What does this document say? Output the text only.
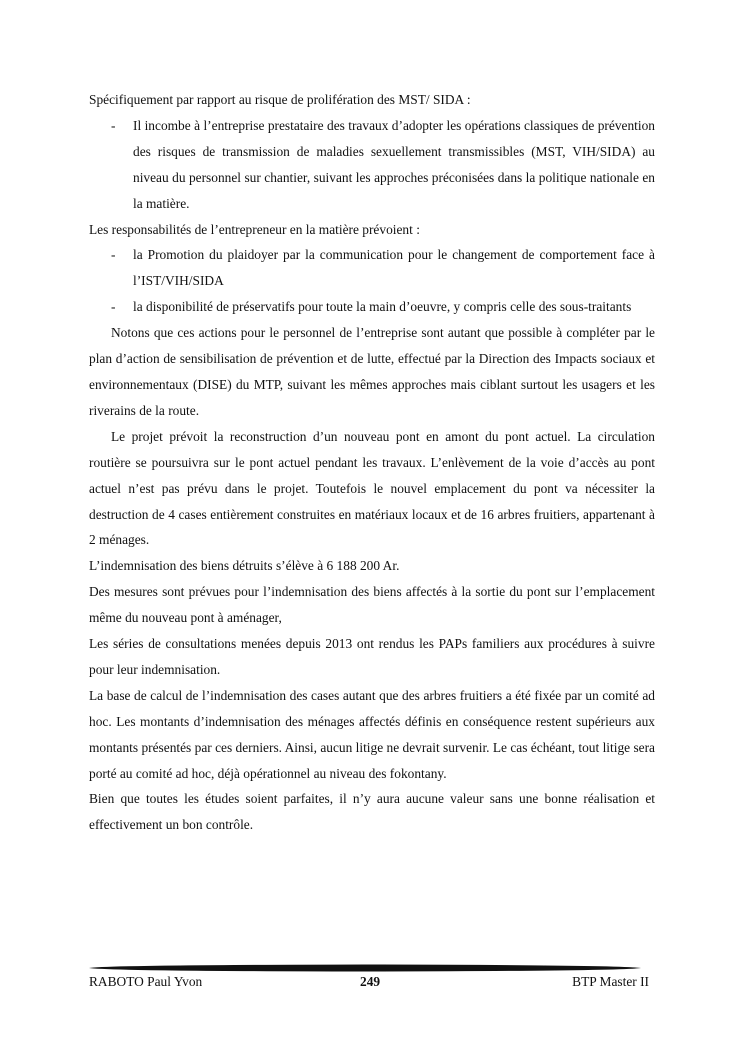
Spécifiquement par rapport au risque de prolifération des MST/ SIDA :

- Il incombe à l’entreprise prestataire des travaux d’adopter les opérations classiques de prévention des risques de transmission de maladies sexuellement transmissibles (MST, VIH/SIDA) au niveau du personnel sur chantier, suivant les approches préconisées dans la politique nationale en la matière.

Les responsabilités de l’entrepreneur en la matière prévoient :

- la Promotion du plaidoyer par la communication pour le changement de comportement face à l’IST/VIH/SIDA
- la disponibilité de préservatifs pour toute la main d’oeuvre, y compris celle des sous-traitants

Notons que ces actions pour le personnel de l’entreprise sont autant que possible à compléter par le plan d’action de sensibilisation de prévention et de lutte, effectué par la Direction des Impacts sociaux et environnementaux (DISE) du MTP, suivant les mêmes approches mais ciblant surtout les usagers et les riverains de la route.

Le projet prévoit la reconstruction d’un nouveau pont en amont du pont actuel. La circulation routière se poursuivra sur le pont actuel pendant les travaux. L’enlèvement de la voie d’accès au pont actuel n’est pas prévu dans le projet. Toutefois le nouvel emplacement du pont va nécessiter la destruction de 4 cases entièrement construites en matériaux locaux et de 16 arbres fruitiers, appartenant à 2 ménages.

L’indemnisation des biens détruits s’élève à 6 188 200 Ar.

Des mesures sont prévues pour l’indemnisation des biens affectés à la sortie du pont sur l’emplacement même du nouveau pont à aménager,

Les séries de consultations menées depuis 2013 ont rendus les PAPs familiers aux procédures à suivre pour leur indemnisation.

La base de calcul de l’indemnisation des cases autant que des arbres fruitiers a été fixée par un comité ad hoc. Les montants d’indemnisation des ménages affectés définis en conséquence restent supérieurs aux montants présentés par ces derniers. Ainsi, aucun litige ne devrait survenir. Le cas échéant, tout litige sera porté au comité ad hoc, déjà opérationnel au niveau des fokontany.

Bien que toutes les études soient parfaites, il n’y aura aucune valeur sans une bonne réalisation et effectivement un bon contrôle.

RABOTO Paul Yvon	249	BTP Master II
